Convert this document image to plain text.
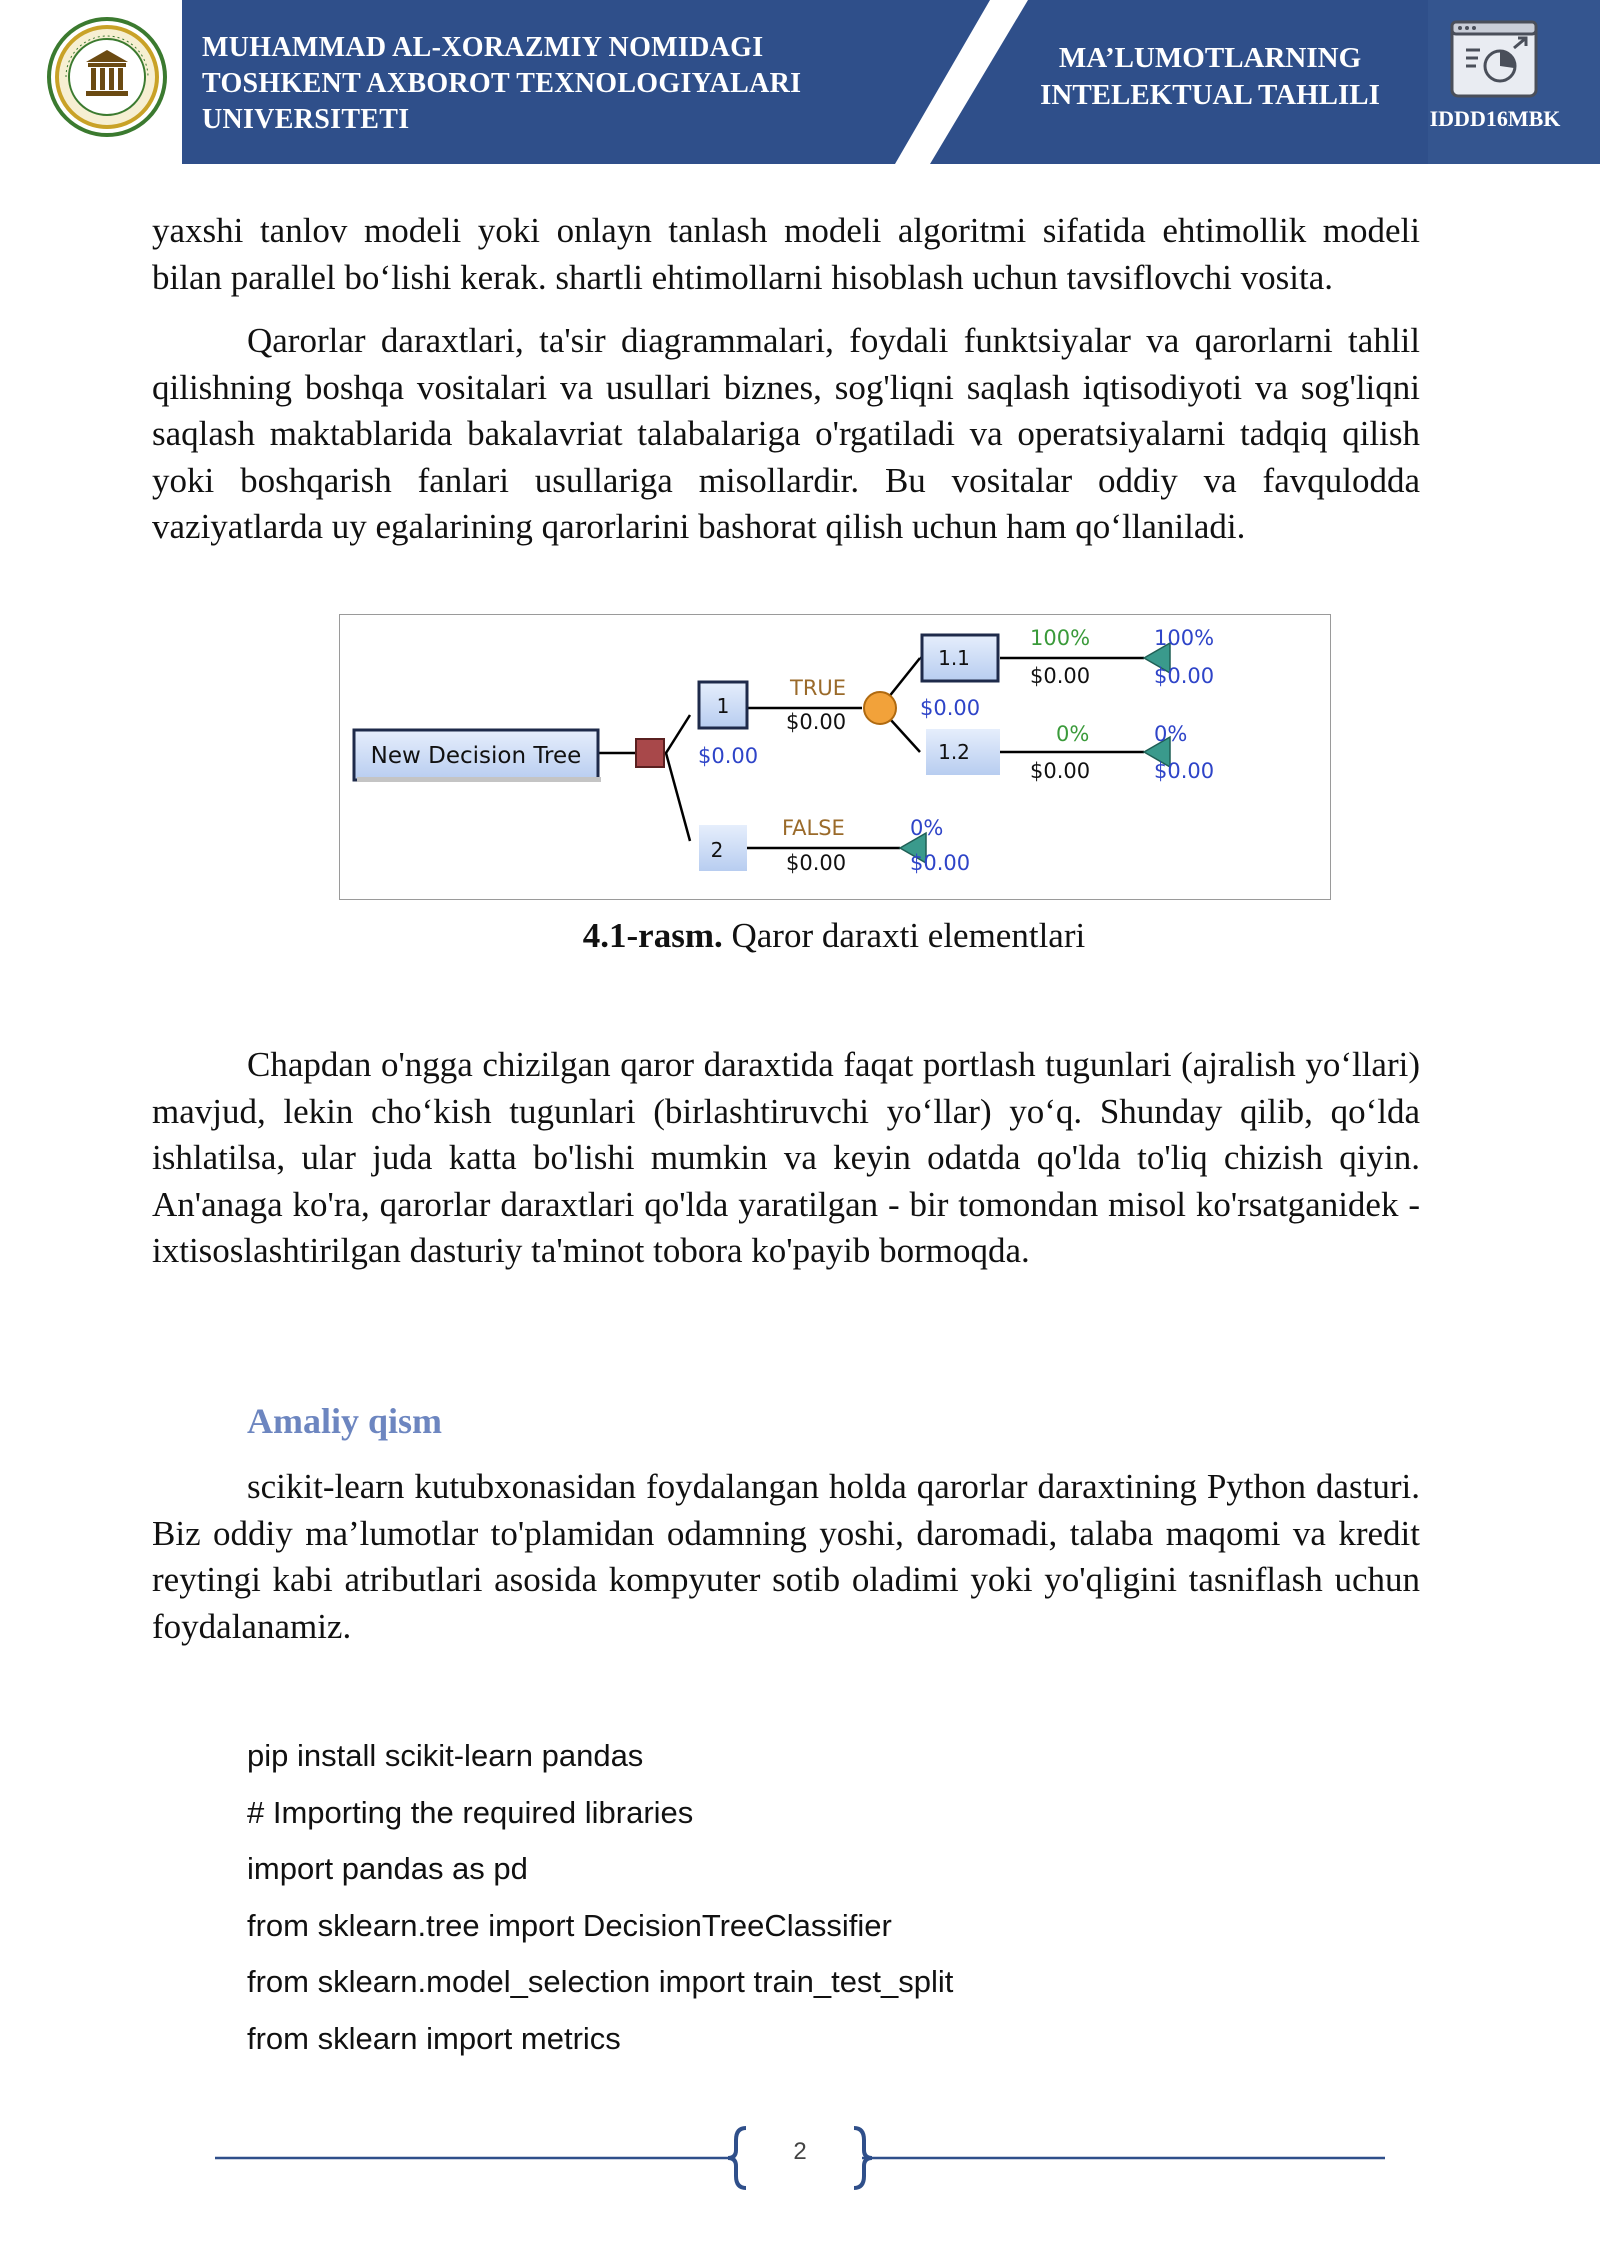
MUHAMMAD AL-XORAZMIY NOMIDAGI
TOSHKENT AXBOROT TEXNOLOGIYALARI
UNIVERSITETI
MA’LUMOTLARNING
INTELEKTUAL TAHLILI
IDDD16MBK
yaxshi tanlov modeli yoki onlayn tanlash modeli algoritmi sifatida ehtimollik modeli bilan parallel bo‘lishi kerak. shartli ehtimollarni hisoblash uchun tavsiflovchi vosita.
Qarorlar daraxtlari, ta'sir diagrammalari, foydali funktsiyalar va qarorlarni tahlil qilishning boshqa vositalari va usullari biznes, sog'liqni saqlash iqtisodiyoti va sog'liqni saqlash maktablarida bakalavriat talabalariga o'rgatiladi va operatsiyalarni tadqiq qilish yoki boshqarish fanlari usullariga misollardir. Bu vositalar oddiy va favqulodda vaziyatlarda uy egalarining qarorlarini bashorat qilish uchun ham qo‘llaniladi.
New Decision Tree
1
$0.00
TRUE
$0.00
1.1
$0.00
100%
$0.00
100%
$0.00
1.2
0%
$0.00
0%
$0.00
2
FALSE
$0.00
0%
$0.00
4.1-rasm. Qaror daraxti elementlari
Chapdan o'ngga chizilgan qaror daraxtida faqat portlash tugunlari (ajralish yo‘llari) mavjud, lekin cho‘kish tugunlari (birlashtiruvchi yo‘llar) yo‘q. Shunday qilib, qo‘lda ishlatilsa, ular juda katta bo'lishi mumkin va keyin odatda qo'lda to'liq chizish qiyin. An'anaga ko'ra, qarorlar daraxtlari qo'lda yaratilgan - bir tomondan misol ko'rsatganidek - ixtisoslashtirilgan dasturiy ta'minot tobora ko'payib bormoqda.
Amaliy qism
scikit-learn kutubxonasidan foydalangan holda qarorlar daraxtining Python dasturi. Biz oddiy ma’lumotlar to'plamidan odamning yoshi, daromadi, talaba maqomi va kredit reytingi kabi atributlari asosida kompyuter sotib oladimi yoki yo'qligini tasniflash uchun foydalanamiz.
pip install scikit-learn pandas
# Importing the required libraries
import pandas as pd
from sklearn.tree import DecisionTreeClassifier
from sklearn.model_selection import train_test_split
from sklearn import metrics
2
